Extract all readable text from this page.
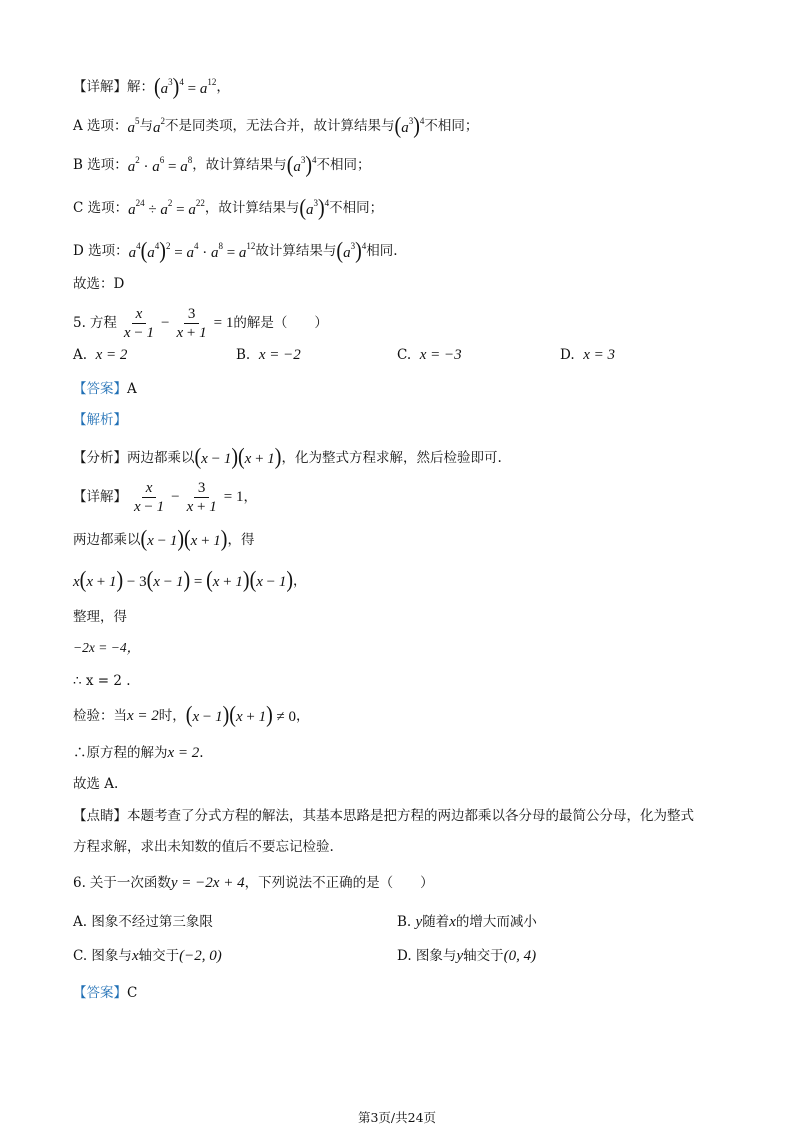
【详解】 解： $(a^3)^4 = a^{12}$ ，
A 选项： $a^5$ 与 $a^2$ 不是同类项，无法合并，故计算结果与 $(a^3)^4$ 不相同；
B 选项： $a^2 \cdot a^6 = a^8$ ，故计算结果与 $(a^3)^4$ 不相同；
C 选项： $a^{24} \div a^2 = a^{22}$ ，故计算结果与 $(a^3)^4$ 不相同；
D 选项： $a^4(a^4)^2 = a^4 \cdot a^8 = a^{12}$ 故计算结果与 $(a^3)^4$ 相同.
故选：D
5. 方程 $\frac{x}{x - 1} - \frac{3}{x + 1} = 1$ 的解是（　　）
A. x = 2	B. x = −2	C. x = −3	D. x = 3
【答案】 A
【解析】
【分析】 两边都乘以 (x − 1)(x + 1) ，化为整式方程求解，然后检验即可.
【详解】 $\frac{x}{x - 1} - \frac{3}{x + 1} = 1$ ，
两边都乘以 (x − 1)(x + 1) ，得
x(x + 1) − 3(x − 1) = (x + 1)(x − 1) ，
整理，得
−2x = −4，
∴ x = 2 .
检验：当 x = 2 时， (x − 1)(x + 1) ≠ 0 ，
∴原方程的解为 x = 2 .
故选 A.
【点睛】 本题考查了分式方程的解法，其基本思路是把方程的两边都乘以各分母的最简公分母，化为整式
方程求解，求出未知数的值后不要忘记检验.
6. 关于一次函数 y = −2x + 4 ，下列说法不正确的是（　　）
A. 图象不经过第三象限	B. y随着x的增大而减小
C. 图象与x轴交于(−2, 0)	D. 图象与y轴交于(0, 4)
【答案】 C
第3页/共24页
